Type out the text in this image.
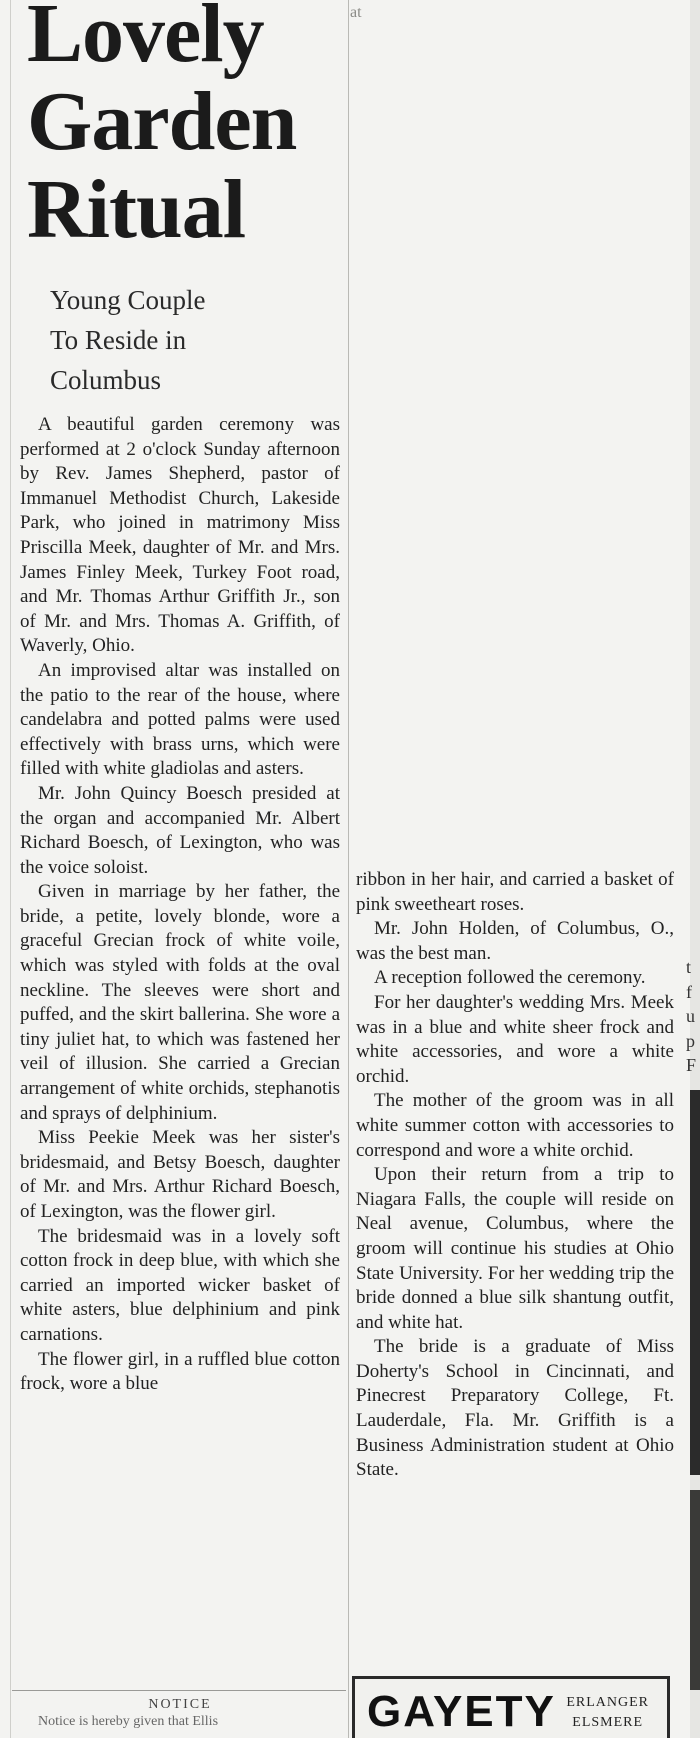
at
Lovely
Garden
Ritual
Young Couple
To Reside in
Columbus

A beautiful garden ceremony was performed at 2 o'clock Sunday afternoon by Rev. James Shepherd, pastor of Immanuel Methodist Church, Lakeside Park, who joined in matrimony Miss Priscilla Meek, daughter of Mr. and Mrs. James Finley Meek, Turkey Foot road, and Mr. Thomas Arthur Griffith Jr., son of Mr. and Mrs. Thomas A. Griffith, of Waverly, Ohio.

An improvised altar was installed on the patio to the rear of the house, where candelabra and potted palms were used effectively with brass urns, which were filled with white gladiolas and asters.

Mr. John Quincy Boesch presided at the organ and accompanied Mr. Albert Richard Boesch, of Lexington, who was the voice soloist.

Given in marriage by her father, the bride, a petite, lovely blonde, wore a graceful Grecian frock of white voile, which was styled with folds at the oval neckline. The sleeves were short and puffed, and the skirt ballerina. She wore a tiny juliet hat, to which was fastened her veil of illusion. She carried a Grecian arrangement of white orchids, stephanotis and sprays of delphinium.

Miss Peekie Meek was her sister's bridesmaid, and Betsy Boesch, daughter of Mr. and Mrs. Arthur Richard Boesch, of Lexington, was the flower girl.

The bridesmaid was in a lovely soft cotton frock in deep blue, with which she carried an imported wicker basket of white asters, blue delphinium and pink carnations.

The flower girl, in a ruffled blue cotton frock, wore a blue

ribbon in her hair, and carried a basket of pink sweetheart roses.

Mr. John Holden, of Columbus, O., was the best man.

A reception followed the ceremony.

For her daughter's wedding Mrs. Meek was in a blue and white sheer frock and white accessories, and wore a white orchid.

The mother of the groom was in all white summer cotton with accessories to correspond and wore a white orchid.

Upon their return from a trip to Niagara Falls, the couple will reside on Neal avenue, Columbus, where the groom will continue his studies at Ohio State University. For her wedding trip the bride donned a blue silk shantung outfit, and white hat.

The bride is a graduate of Miss Doherty's School in Cincinnati, and Pinecrest Preparatory College, Ft. Lauderdale, Fla. Mr. Griffith is a Business Administration student at Ohio State.

NOTICE
Notice is hereby given that Ellis	GAYETY ERLANGER
ELSMERE
t
f
u
p
F
